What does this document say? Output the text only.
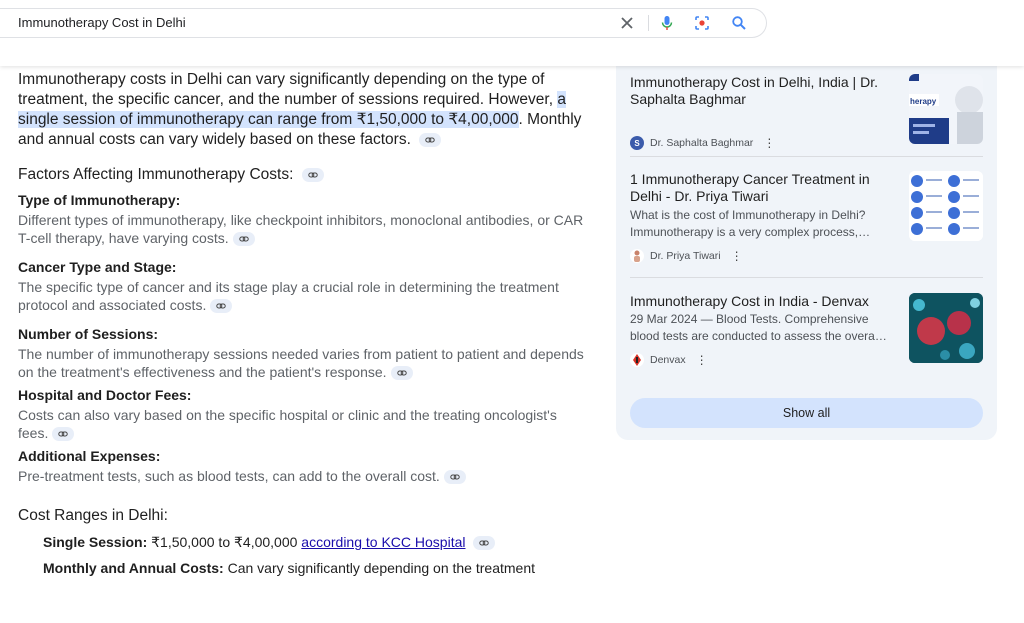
Immunotherapy Cost in Delhi

Immunotherapy costs in Delhi can vary significantly depending on the type of treatment, the specific cancer, and the number of sessions required. However, a single session of immunotherapy can range from ₹1,50,000 to ₹4,00,000. Monthly and annual costs can vary widely based on these factors.

Factors Affecting Immunotherapy Costs:

Type of Immunotherapy:

Different types of immunotherapy, like checkpoint inhibitors, monoclonal antibodies, or CAR T-cell therapy, have varying costs.

Cancer Type and Stage:

The specific type of cancer and its stage play a crucial role in determining the treatment protocol and associated costs.

Number of Sessions:

The number of immunotherapy sessions needed varies from patient to patient and depends on the treatment's effectiveness and the patient's response.

Hospital and Doctor Fees:

Costs can also vary based on the specific hospital or clinic and the treating oncologist's fees.

Additional Expenses:

Pre-treatment tests, such as blood tests, can add to the overall cost.

Cost Ranges in Delhi:

Single Session: ₹1,50,000 to ₹4,00,000 according to KCC Hospital

Monthly and Annual Costs: Can vary significantly depending on the treatment

Immunotherapy Cost in Delhi, India | Dr. Saphalta Baghmar
S Dr. Saphalta Baghmar ⋮
herapy
1 Immunotherapy Cancer Treatment in Delhi - Dr. Priya Tiwari
What is the cost of Immunotherapy in Delhi? Immunotherapy is a very complex process,…
Dr. Priya Tiwari ⋮
Immunotherapy Cost in India - Denvax
29 Mar 2024 — Blood Tests. Comprehensive blood tests are conducted to assess the overa…
Denvax ⋮
Show all
